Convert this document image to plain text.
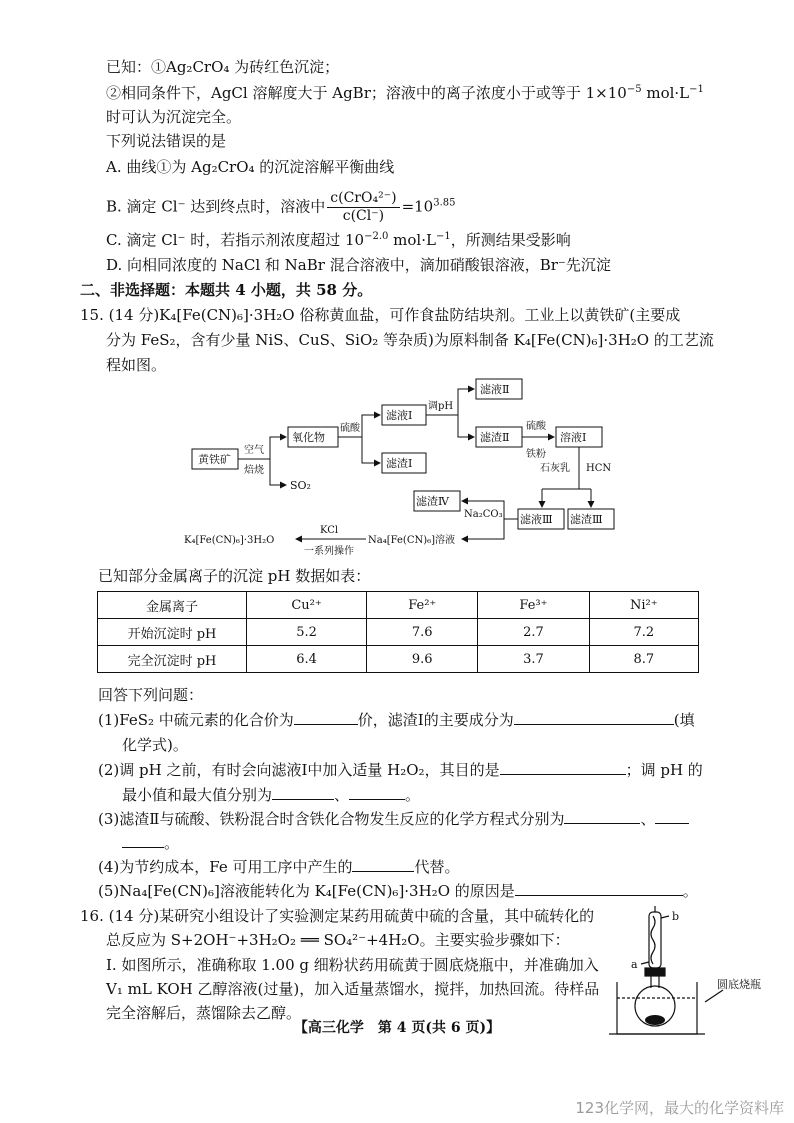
已知：①Ag₂CrO₄ 为砖红色沉淀；
②相同条件下，AgCl 溶解度大于 AgBr；溶液中的离子浓度小于或等于 $1\times 10^{-5}$ $mol\cdot L^{-1}$
时可认为沉淀完全。
下列说法错误的是
A. 曲线①为 Ag₂CrO₄ 的沉淀溶解平衡曲线
B. 滴定 Cl⁻ 达到终点时，溶液中 $\frac{\text{c(CrO₄²⁻)}}{c(Cl^-)} =10^{3.85}$
C. 滴定 Cl⁻ 时，若指示剂浓度超过 $10^{-2.0}$ $mol\cdot L^{-1}$，所测结果受影响
D. 向相同浓度的 NaCl 和 NaBr 混合溶液中，滴加硝酸银溶液，Br⁻先沉淀
二、非选择题：本题共 4 小题，共 58 分。
15. (14 分)K₄[Fe(CN)₆]·3H₂O 俗称黄血盐，可作食盐防结块剂。工业上以黄铁矿(主要成
分为 FeS₂，含有少量 NiS、CuS、SiO₂ 等杂质)为原料制备 K₄[Fe(CN)₆]·3H₂O 的工艺流
程如图。
黄铁矿
空气
焙烧
SO₂
氧化物
硫酸
滤液Ⅰ
滤渣Ⅰ
调pH
滤液Ⅱ
滤渣Ⅱ
硫酸
铁粉
溶液Ⅰ
石灰乳 HCN
滤液Ⅲ 滤渣Ⅲ
滤渣Ⅳ
Na₂CO₃
Na₄[Fe(CN)₆]溶液
KCl
一系列操作
K₄[Fe(CN)₆]·3H₂O
已知部分金属离子的沉淀 pH 数据如表：
金属离子	Cu²⁺	Fe²⁺	Fe³⁺	Ni²⁺
开始沉淀时 pH	5.2	7.6	2.7	7.2
完全沉淀时 pH	6.4	9.6	3.7	8.7
回答下列问题：
(1)FeS₂ 中硫元素的化合价为	价，滤渣Ⅰ的主要成分为	(填
化学式)。
(2)调 pH 之前，有时会向滤液Ⅰ中加入适量 H₂O₂，其目的是	；调 pH 的
最小值和最大值分别为	、	。
(3)滤渣Ⅱ与硫酸、铁粉混合时含铁化合物发生反应的化学方程式分别为	、
。
(4)为节约成本，Fe 可用工序中产生的	代替。
(5)Na₄[Fe(CN)₆]溶液能转化为 K₄[Fe(CN)₆]·3H₂O 的原因是	。
16. (14 分)某研究小组设计了实验测定某药用硫黄中硫的含量，其中硫转化的
总反应为 S+2OH⁻+3H₂O₂ ══ SO₄²⁻+4H₂O。主要实验步骤如下：
Ⅰ. 如图所示，准确称取 1.00 g 细粉状药用硫黄于圆底烧瓶中，并准确加入
V₁ mL KOH 乙醇溶液(过量)，加入适量蒸馏水，搅拌，加热回流。待样品
完全溶解后，蒸馏除去乙醇。
b
a
圆底烧瓶
【高三化学　第 4 页(共 6 页)】
123化学网，最大的化学资料库
